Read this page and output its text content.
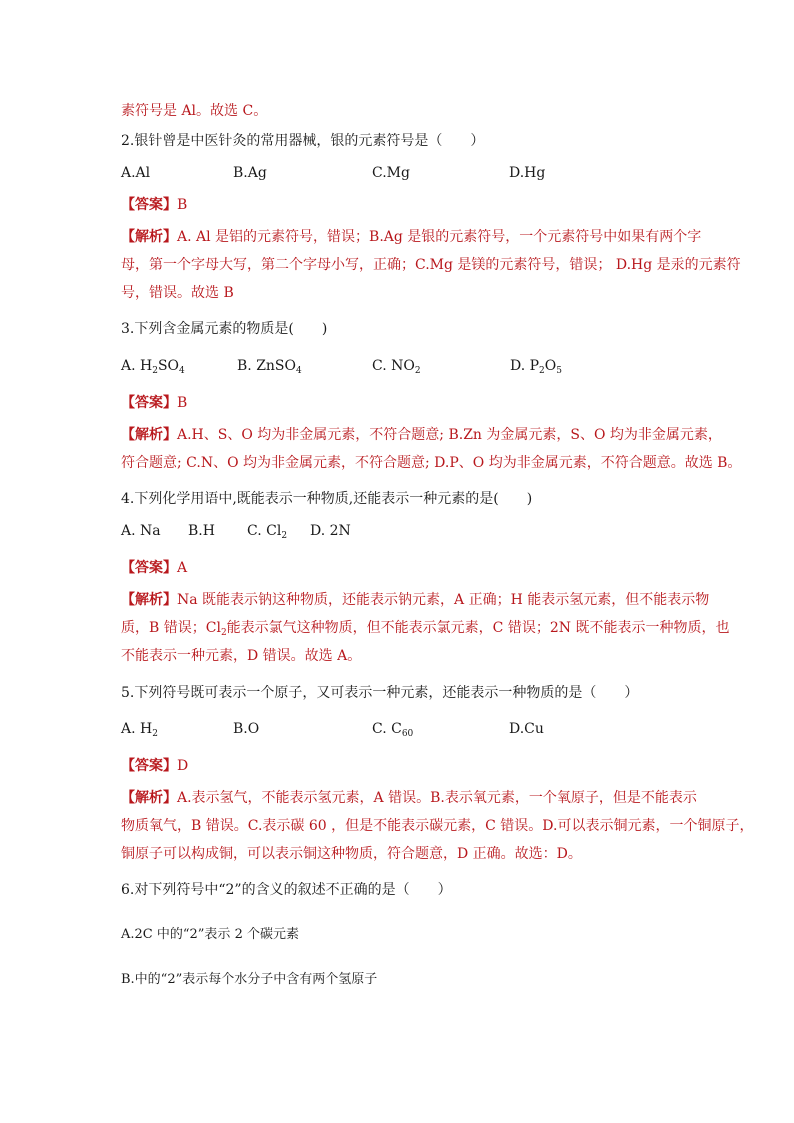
素符号是 Al。故选 C。
2.银针曾是中医针灸的常用器械，银的元素符号是（　　）
A.Al	B.Ag	C.Mg	D.Hg
【答案】B
【解析】A. Al 是铝的元素符号，错误；B.Ag 是银的元素符号，一个元素符号中如果有两个字
母，第一个字母大写，第二个字母小写，正确；C.Mg 是镁的元素符号，错误； D.Hg 是汞的元素符
号，错误。故选 B
3.下列含金属元素的物质是(　　)
A. $H_2SO_4$	B. ZnSO$_4$	C. $NO_2$	D. $P_2O_5$
【答案】B
【解析】A.H、S、O 均为非金属元素，不符合题意; B.Zn 为金属元素，S、O 均为非金属元素，
符合题意; C.N、O 均为非金属元素，不符合题意; D.P、O 均为非金属元素，不符合题意。故选 B。
4.下列化学用语中,既能表示一种物质,还能表示一种元素的是(　　)
A. Na B.H C. $Cl_2$ D. 2N
【答案】A
【解析】Na 既能表示钠这种物质，还能表示钠元素，A 正确；H 能表示氢元素，但不能表示物
质，B 错误；$Cl_2$能表示氯气这种物质，但不能表示氯元素，C 错误；2N 既不能表示一种物质，也
不能表示一种元素，D 错误。故选 A。
5.下列符号既可表示一个原子，又可表示一种元素，还能表示一种物质的是（　　）
A. $H_2$	B.O	C. $C_{60}$	D.Cu
【答案】D
【解析】A.表示氢气，不能表示氢元素，A 错误。B.表示氧元素，一个氧原子，但是不能表示
物质氧气，B 错误。C.表示碳 60 ，但是不能表示碳元素，C 错误。D.可以表示铜元素，一个铜原子，
铜原子可以构成铜，可以表示铜这种物质，符合题意，D 正确。故选：D。
6.对下列符号中“2”的含义的叙述不正确的是（　　）
A.2C 中的“2”表示 2 个碳元素
B.中的“2”表示每个水分子中含有两个氢原子
